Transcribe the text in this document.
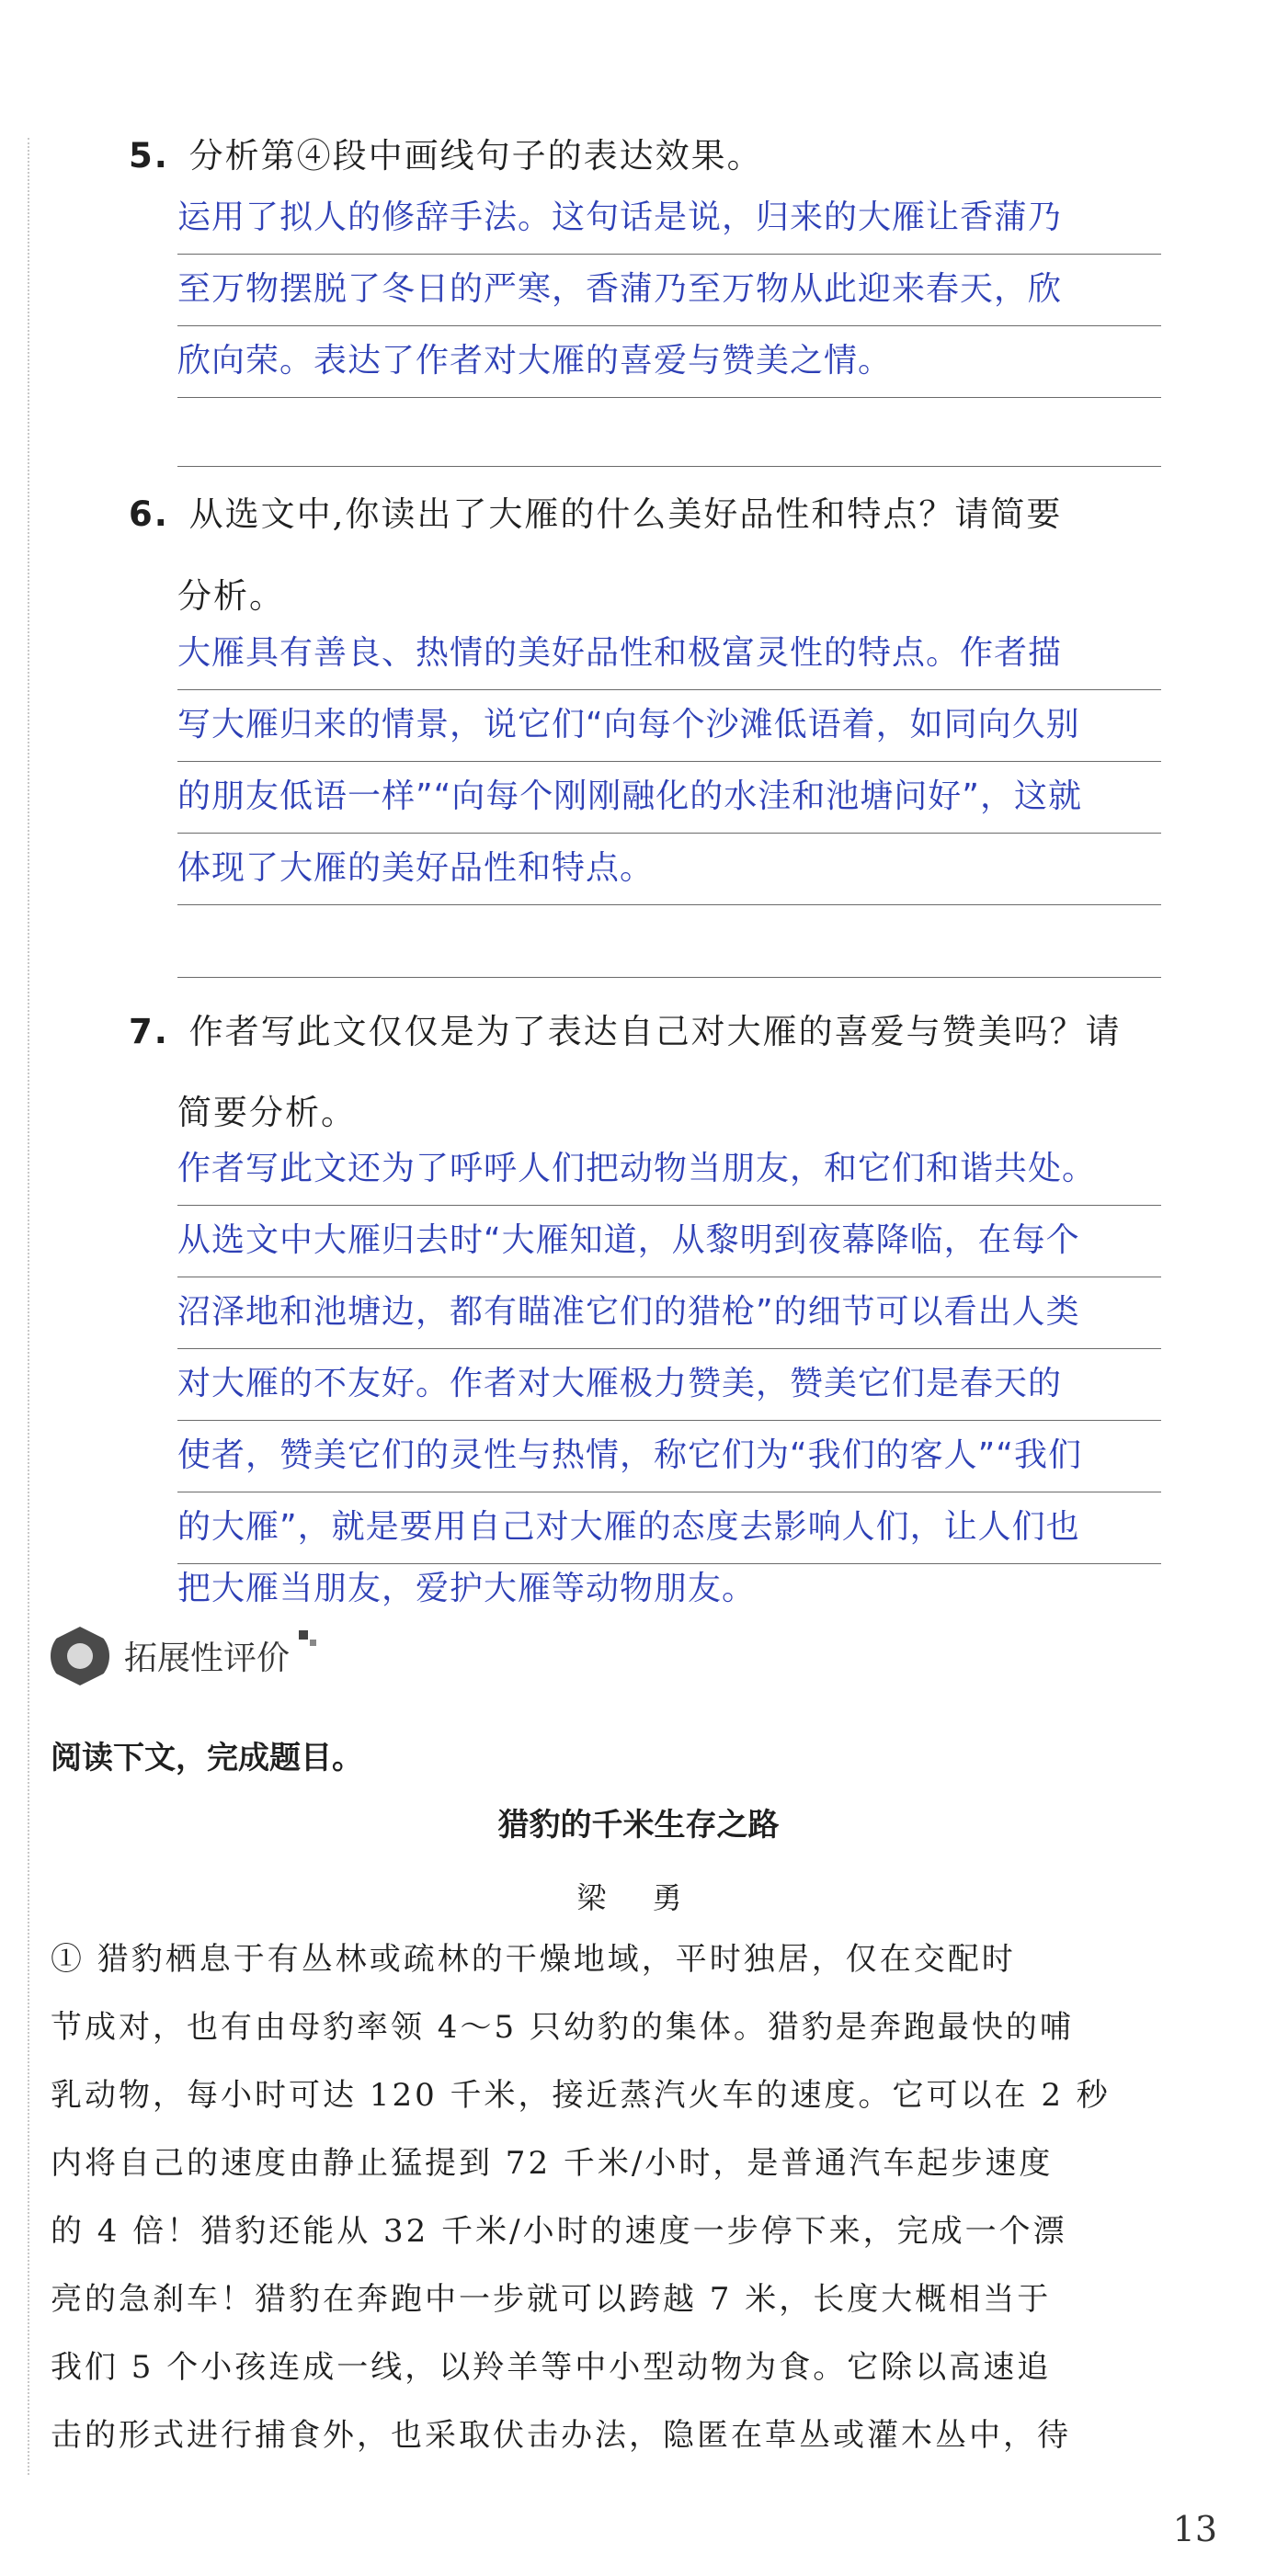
5. 分析第④段中画线句子的表达效果。
运用了拟人的修辞手法。这句话是说，归来的大雁让香蒲乃
至万物摆脱了冬日的严寒，香蒲乃至万物从此迎来春天，欣
欣向荣。表达了作者对大雁的喜爱与赞美之情。
6. 从选文中,你读出了大雁的什么美好品性和特点？请简要
分析。
大雁具有善良、热情的美好品性和极富灵性的特点。作者描
写大雁归来的情景，说它们“向每个沙滩低语着，如同向久别
的朋友低语一样”“向每个刚刚融化的水洼和池塘问好”，这就
体现了大雁的美好品性和特点。
7. 作者写此文仅仅是为了表达自己对大雁的喜爱与赞美吗？请
简要分析。
作者写此文还为了呼呼人们把动物当朋友，和它们和谐共处。
从选文中大雁归去时“大雁知道，从黎明到夜幕降临，在每个
沼泽地和池塘边，都有瞄准它们的猎枪”的细节可以看出人类
对大雁的不友好。作者对大雁极力赞美，赞美它们是春天的
使者，赞美它们的灵性与热情，称它们为“我们的客人”“我们
的大雁”，就是要用自己对大雁的态度去影响人们，让人们也
把大雁当朋友，爱护大雁等动物朋友。
拓展性评价
阅读下文，完成题目。
猎豹的千米生存之路
梁 勇
① 猎豹栖息于有丛林或疏林的干燥地域，平时独居，仅在交配时
节成对，也有由母豹率领 4～5 只幼豹的集体。猎豹是奔跑最快的哺
乳动物，每小时可达 120 千米，接近蒸汽火车的速度。它可以在 2 秒
内将自己的速度由静止猛提到 72 千米/小时，是普通汽车起步速度
的 4 倍！猎豹还能从 32 千米/小时的速度一步停下来，完成一个漂
亮的急刹车！猎豹在奔跑中一步就可以跨越 7 米，长度大概相当于
我们 5 个小孩连成一线，以羚羊等中小型动物为食。它除以高速追
击的形式进行捕食外，也采取伏击办法，隐匿在草丛或灌木丛中，待
13
